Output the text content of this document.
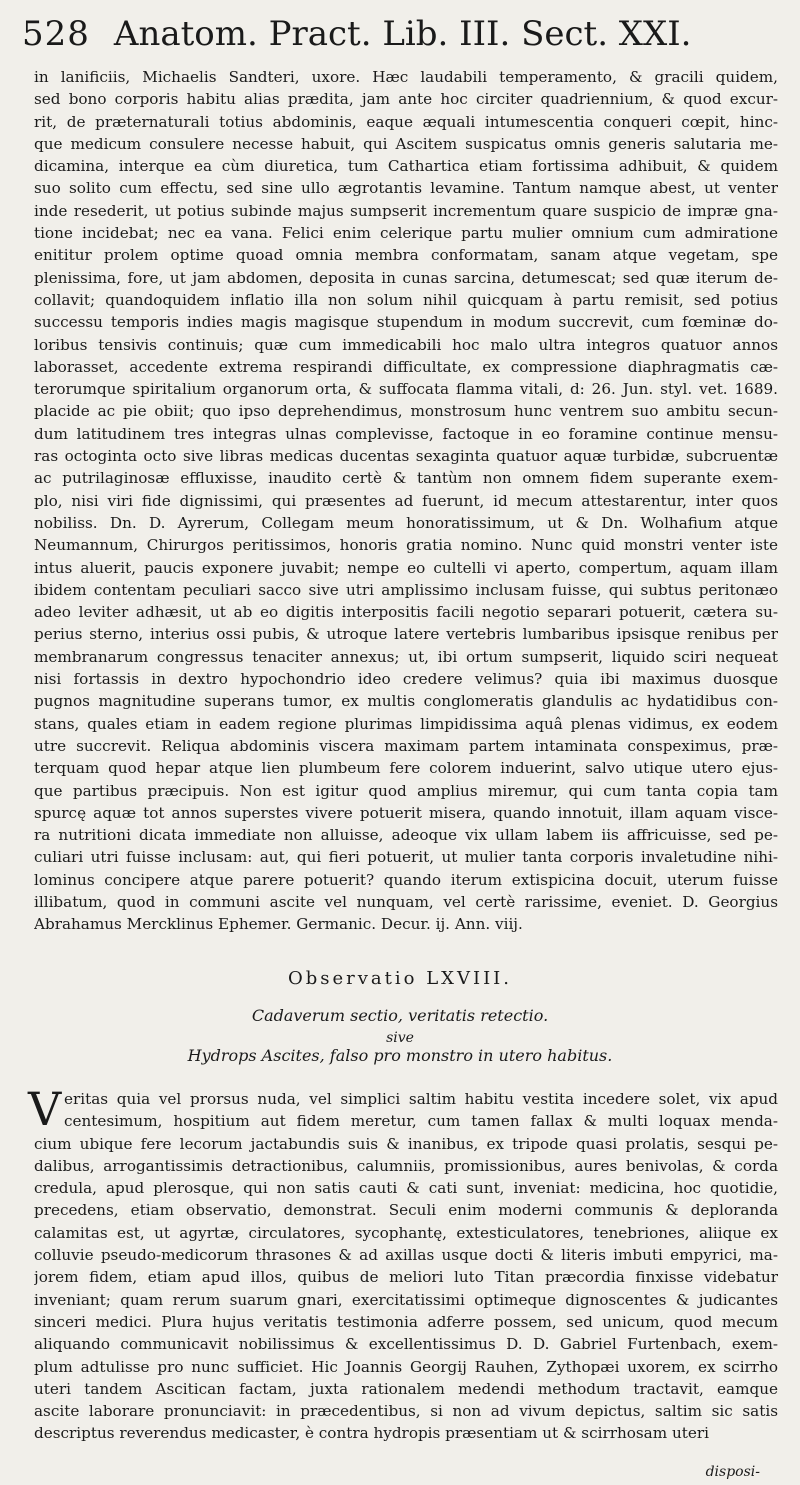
528 Anatom. Pract. Lib. III. Sect. XXI.
in lanificiis, Michaelis Sandteri, uxore. Hæc laudabili temperamento, & gracili quidem,
sed bono corporis habitu alias prædita, jam ante hoc circiter quadriennium, & quod excur-
rit, de præternaturali totius abdominis, eaque æquali intumescentia conqueri cœpit, hinc-
que medicum consulere necesse habuit, qui Ascitem suspicatus omnis generis salutaria me-
dicamina, interque ea cùm diuretica, tum Cathartica etiam fortissima adhibuit, & quidem
suo solito cum effectu, sed sine ullo ægrotantis levamine. Tantum namque abest, ut venter
inde resederit, ut potius subinde majus sumpserit incrementum quare suspicio de impræ gna-
tione incidebat; nec ea vana. Felici enim celerique partu mulier omnium cum admiratione
enititur prolem optime quoad omnia membra conformatam, sanam atque vegetam, spe
plenissima, fore, ut jam abdomen, deposita in cunas sarcina, detumescat; sed quæ iterum de-
collavit; quandoquidem inflatio illa non solum nihil quicquam à partu remisit, sed potius
successu temporis indies magis magisque stupendum in modum succrevit, cum fœminæ do-
loribus tensivis continuis; quæ cum immedicabili hoc malo ultra integros quatuor annos
laborasset, accedente extrema respirandi difficultate, ex compressione diaphragmatis cæ-
terorumque spiritalium organorum orta, & suffocata flamma vitali, d: 26. Jun. styl. vet. 1689.
placide ac pie obiit; quo ipso deprehendimus, monstrosum hunc ventrem suo ambitu secun-
dum latitudinem tres integras ulnas complevisse, factoque in eo foramine continue mensu-
ras octoginta octo sive libras medicas ducentas sexaginta quatuor aquæ turbidæ, subcruentæ
ac putrilaginosæ effluxisse, inaudito certè & tantùm non omnem fidem superante exem-
plo, nisi viri fide dignissimi, qui præsentes ad fuerunt, id mecum attestarentur, inter quos
nobiliss. Dn. D. Ayrerum, Collegam meum honoratissimum, ut & Dn. Wolhafium atque
Neumannum, Chirurgos peritissimos, honoris gratia nomino. Nunc quid monstri venter iste
intus aluerit, paucis exponere juvabit; nempe eo cultelli vi aperto, compertum, aquam illam
ibidem contentam peculiari sacco sive utri amplissimo inclusam fuisse, qui subtus peritonæo
adeo leviter adhæsit, ut ab eo digitis interpositis facili negotio separari potuerit, cætera su-
perius sterno, interius ossi pubis, & utroque latere vertebris lumbaribus ipsisque renibus per
membranarum congressus tenaciter annexus; ut, ibi ortum sumpserit, liquido sciri nequeat
nisi fortassis in dextro hypochondrio ideo credere velimus? quia ibi maximus duosque
pugnos magnitudine superans tumor, ex multis conglomeratis glandulis ac hydatidibus con-
stans, quales etiam in eadem regione plurimas limpidissima aquâ plenas vidimus, ex eodem
utre succrevit. Reliqua abdominis viscera maximam partem intaminata conspeximus, præ-
terquam quod hepar atque lien plumbeum fere colorem induerint, salvo utique utero ejus-
que partibus præcipuis. Non est igitur quod amplius miremur, qui cum tanta copia tam
spurcę aquæ tot annos superstes vivere potuerit misera, quando innotuit, illam aquam visce-
ra nutritioni dicata immediate non alluisse, adeoque vix ullam labem iis affricuisse, sed pe-
culiari utri fuisse inclusam: aut, qui fieri potuerit, ut mulier tanta corporis invaletudine nihi-
lominus concipere atque parere potuerit? quando iterum extispicina docuit, uterum fuisse
illibatum, quod in communi ascite vel nunquam, vel certè rarissime, eveniet. D. Georgius
Abrahamus Mercklinus Ephemer. Germanic. Decur. ij. Ann. viij.
Observatio LXVIII.
Cadaverum sectio, veritatis retectio.
sive
Hydrops Ascites, falso pro monstro in utero habitus.
V eritas quia vel prorsus nuda, vel simplici saltim habitu vestita incedere solet, vix apud
centesimum, hospitium aut fidem meretur, cum tamen fallax & multi loquax menda-
cium ubique fere lecorum jactabundis suis & inanibus, ex tripode quasi prolatis, sesqui pe-
dalibus, arrogantissimis detractionibus, calumniis, promissionibus, aures benivolas, & corda
credula, apud plerosque, qui non satis cauti & cati sunt, inveniat: medicina, hoc quotidie,
precedens, etiam observatio, demonstrat. Seculi enim moderni communis & deploranda
calamitas est, ut agyrtæ, circulatores, sycophantę, extesticulatores, tenebriones, aliique ex
colluvie pseudo-medicorum thrasones & ad axillas usque docti & literis imbuti empyrici, ma-
jorem fidem, etiam apud illos, quibus de meliori luto Titan præcordia finxisse videbatur
inveniant; quam rerum suarum gnari, exercitatissimi optimeque dignoscentes & judicantes
sinceri medici. Plura hujus veritatis testimonia adferre possem, sed unicum, quod mecum
aliquando communicavit nobilissimus & excellentissimus D. D. Gabriel Furtenbach, exem-
plum adtulisse pro nunc sufficiet. Hic Joannis Georgij Rauhen, Zythopæi uxorem, ex scirrho
uteri tandem Ascitican factam, juxta rationalem medendi methodum tractavit, eamque
ascite laborare pronunciavit: in præcedentibus, si non ad vivum depictus, saltim sic satis
descriptus reverendus medicaster, è contra hydropis præsentiam ut & scirrhosam uteri
disposi-
